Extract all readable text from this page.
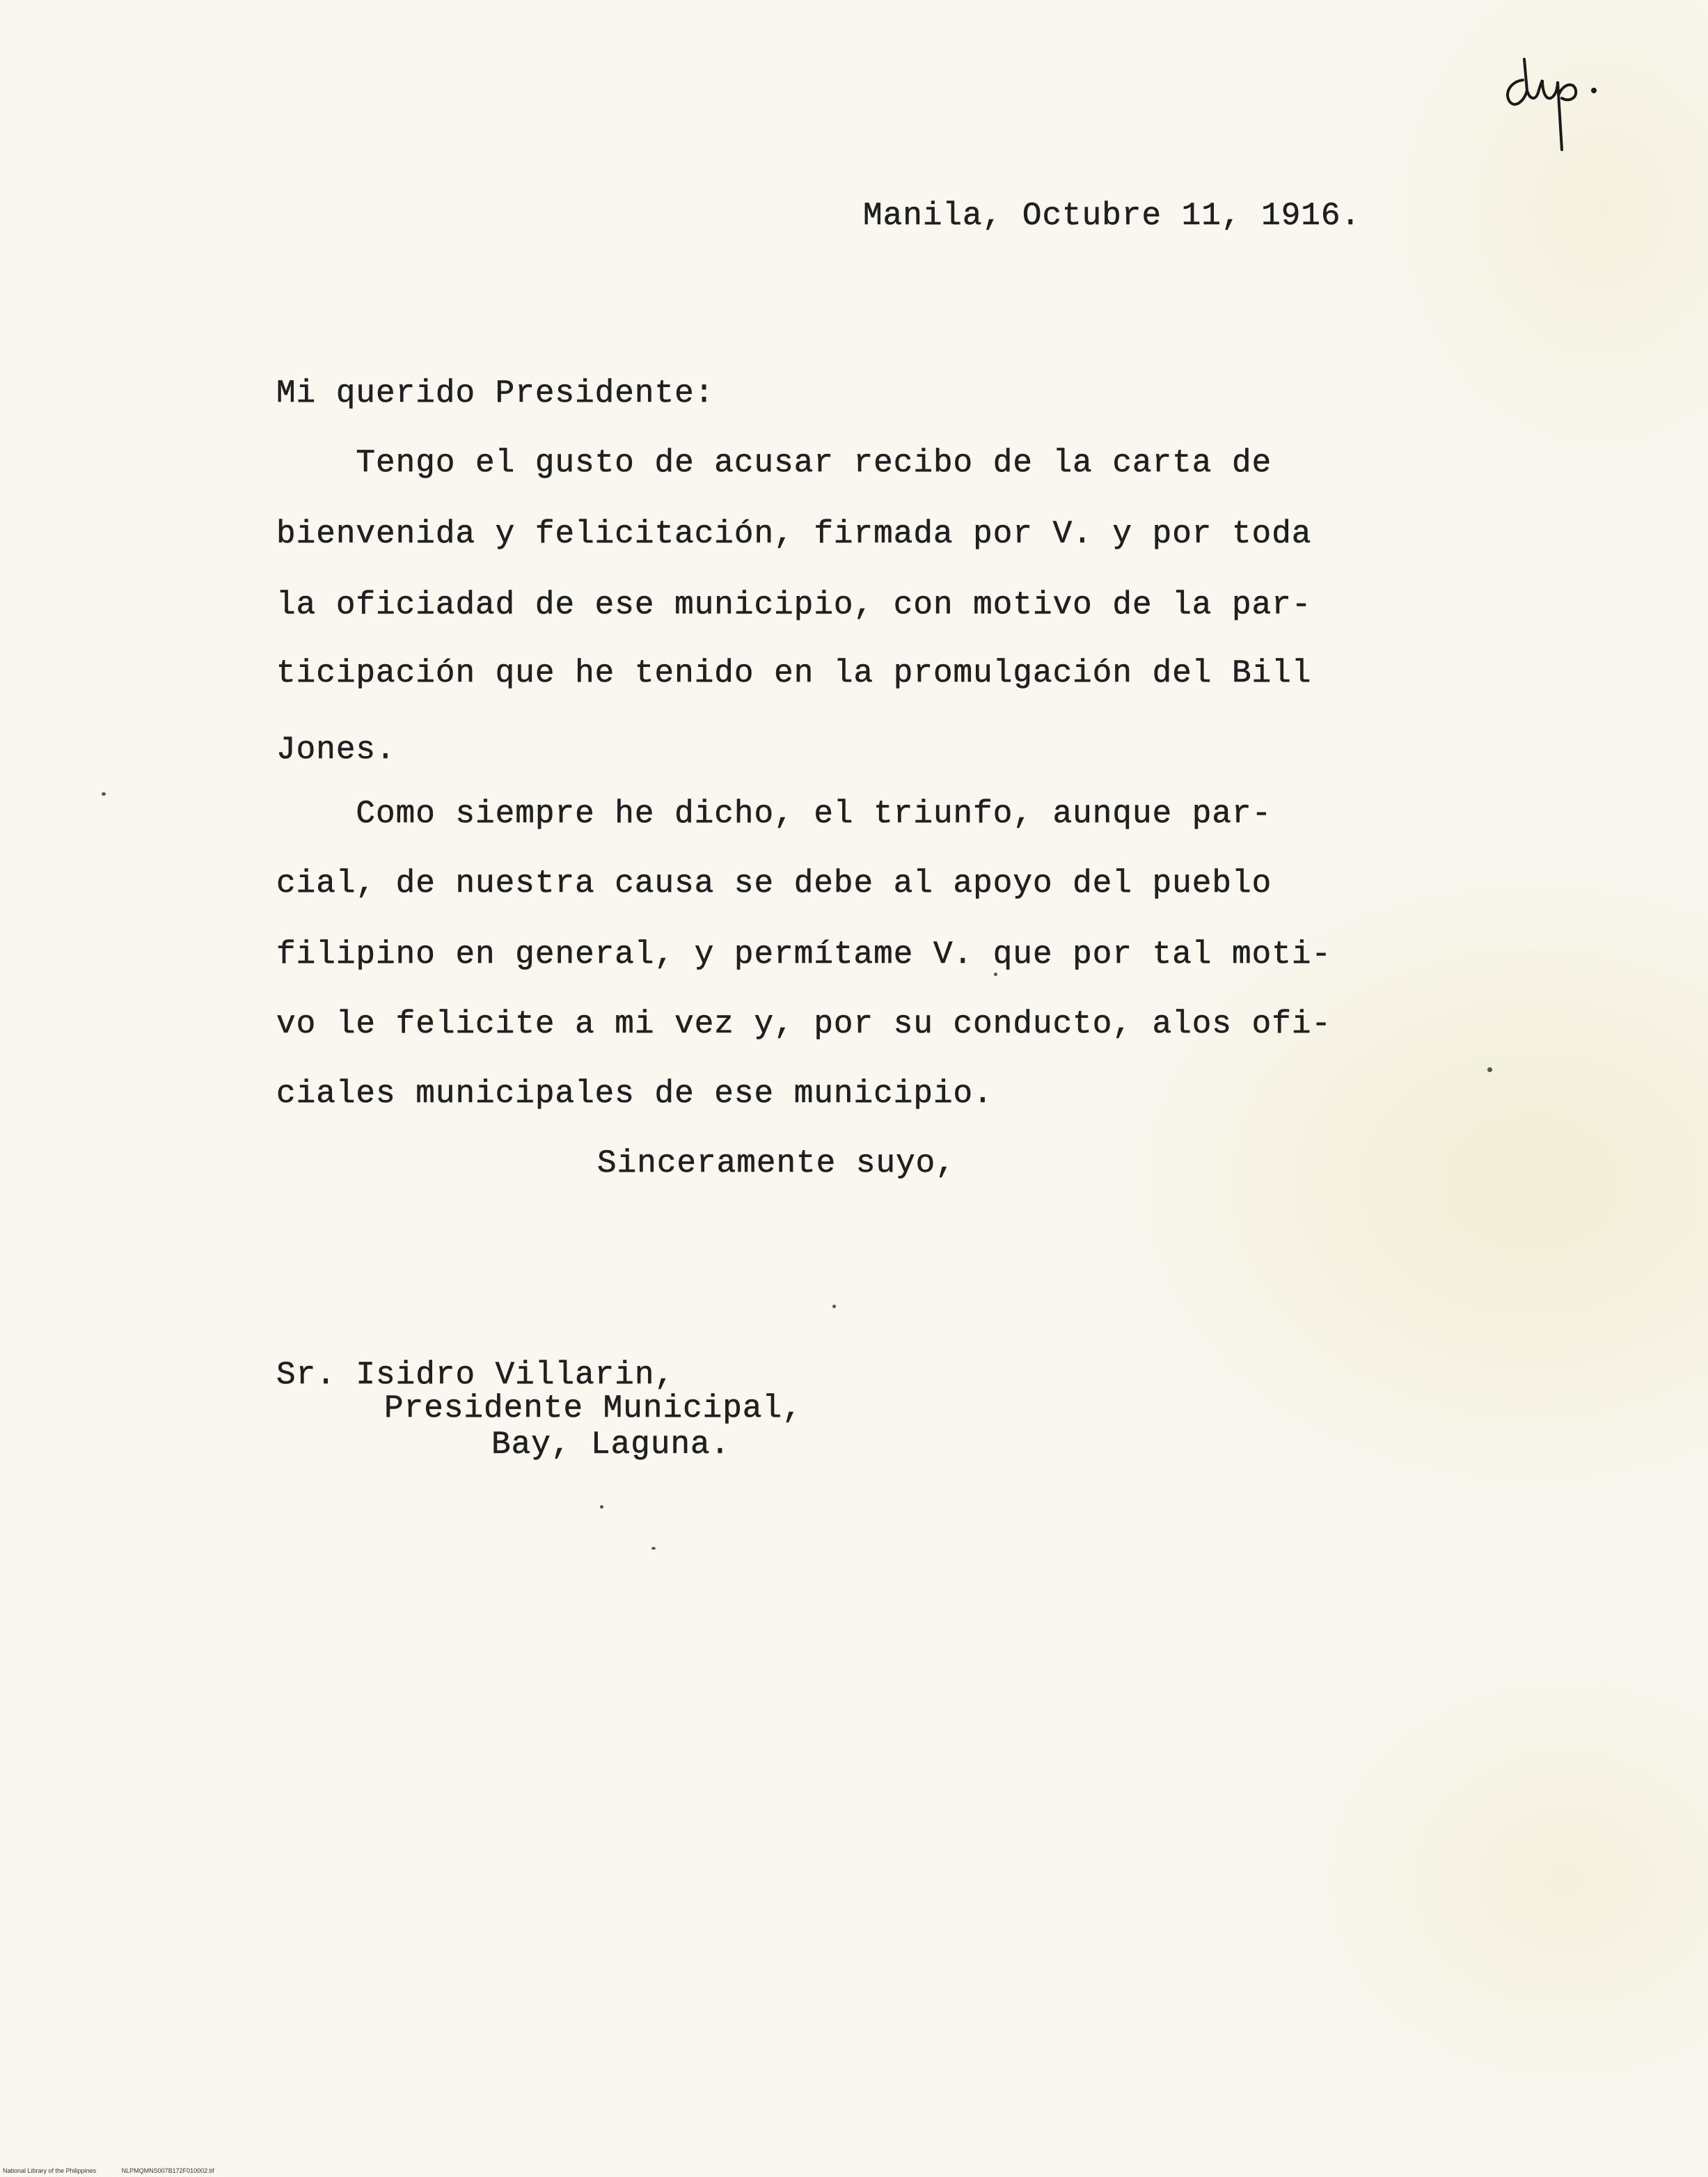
Manila, Octubre 11, 1916.
Mi querido Presidente:
Tengo el gusto de acusar recibo de la carta de
bienvenida y felicitación, firmada por V. y por toda
la oficiadad de ese municipio, con motivo de la par-
ticipación que he tenido en la promulgación del Bill
Jones.
Como siempre he dicho, el triunfo, aunque par-
cial, de nuestra causa se debe al apoyo del pueblo
filipino en general, y permítame V. que por tal moti-
vo le felicite a mi vez y, por su conducto, alos ofi-
ciales municipales de ese municipio.
Sinceramente suyo,
Sr. Isidro Villarin,
Presidente Municipal,
Bay, Laguna.
National Library of the Philippines	NLPMQMNS007B172F010002.tif
